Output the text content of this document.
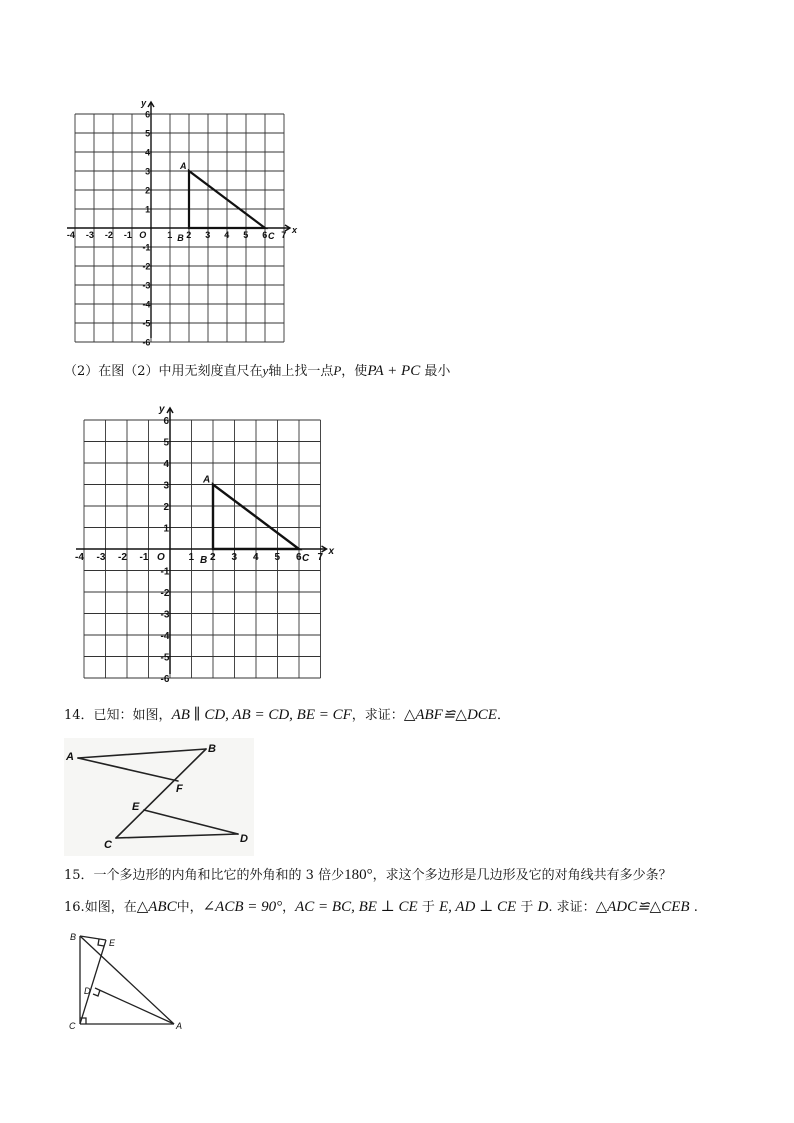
-4 -3 -2 -1	1 2 3 4 5 6 7
6
5
4
3
2
1
-1
-2
-3
-4
-5
-6
O	x
y
A
B	C
（2）在图（2）中用无刻度直尺在y轴上找一点P，使PA + PC 最小
-4 -3 -2 -1	1 2 3 4 5 6 7
6
5
4
3
2
1
-1
-2
-3
-4
-5
-6
O
x
y
A
B	C
14．已知：如图，AB ∥ CD, AB = CD, BE = CF，求证：△ABF≌△DCE．
A
B
F
E
C	D
15．一个多边形的内角和比它的外角和的 3 倍少180°，求这个多边形是几边形及它的对角线共有多少条？
16.如图，在△ABC中，∠ACB = 90°，AC = BC, BE ⊥ CE 于 E, AD ⊥ CE 于 D. 求证：△ADC≌△CEB .
B
E
D
C	A
